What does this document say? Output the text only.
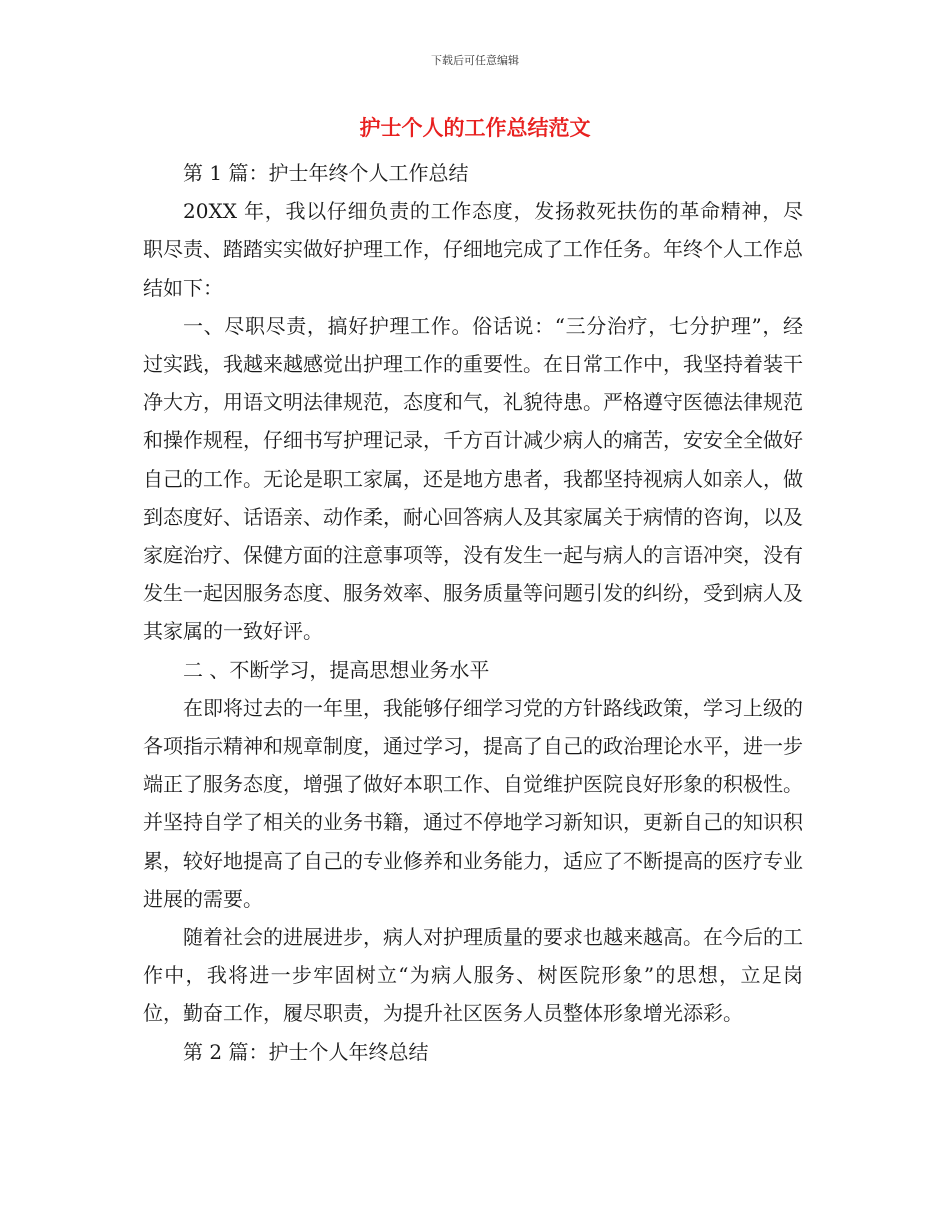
下载后可任意编辑
护士个人的工作总结范文

第 1 篇：护士年终个人工作总结

20XX 年，我以仔细负责的工作态度，发扬救死扶伤的革命精神，尽职尽责、踏踏实实做好护理工作，仔细地完成了工作任务。年终个人工作总结如下：

一、尽职尽责，搞好护理工作。俗话说：“三分治疗，七分护理”，经过实践，我越来越感觉出护理工作的重要性。在日常工作中，我坚持着装干净大方，用语文明法律规范，态度和气，礼貌待患。严格遵守医德法律规范和操作规程，仔细书写护理记录，千方百计减少病人的痛苦，安安全全做好自己的工作。无论是职工家属，还是地方患者，我都坚持视病人如亲人，做到态度好、话语亲、动作柔，耐心回答病人及其家属关于病情的咨询，以及家庭治疗、保健方面的注意事项等，没有发生一起与病人的言语冲突，没有发生一起因服务态度、服务效率、服务质量等问题引发的纠纷，受到病人及其家属的一致好评。

二 、不断学习，提高思想业务水平

在即将过去的一年里，我能够仔细学习党的方针路线政策，学习上级的各项指示精神和规章制度，通过学习，提高了自己的政治理论水平，进一步端正了服务态度，增强了做好本职工作、自觉维护医院良好形象的积极性。并坚持自学了相关的业务书籍，通过不停地学习新知识，更新自己的知识积累，较好地提高了自己的专业修养和业务能力，适应了不断提高的医疗专业进展的需要。

随着社会的进展进步，病人对护理质量的要求也越来越高。在今后的工作中，我将进一步牢固树立“为病人服务、树医院形象”的思想，立足岗位，勤奋工作，履尽职责，为提升社区医务人员整体形象增光添彩。

第 2 篇：护士个人年终总结
